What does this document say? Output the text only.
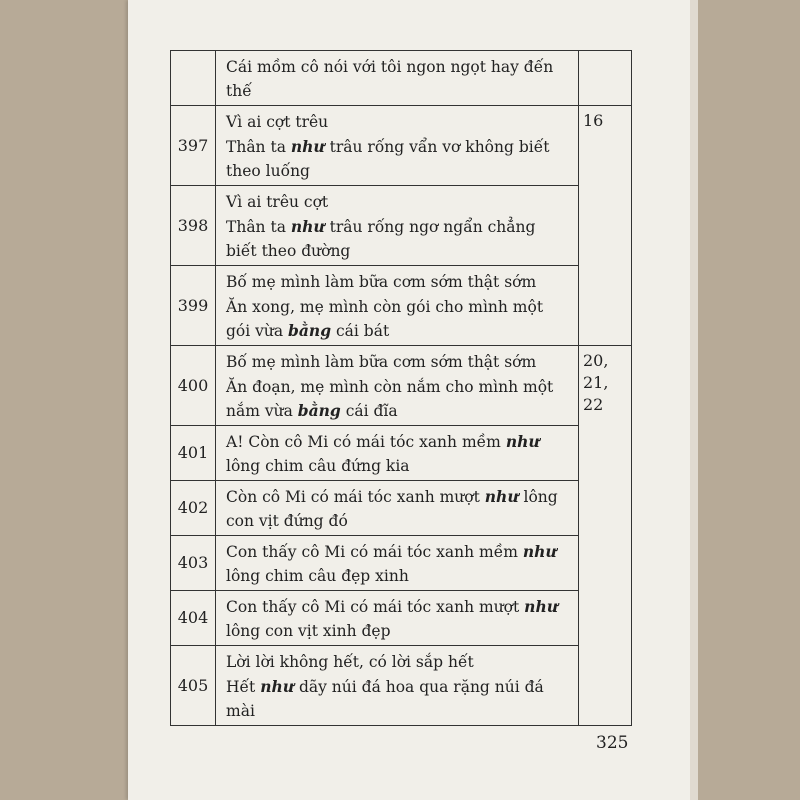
	Cái mồm cô nói với tôi ngon ngọt hay đến thế	

397	Vì ai cợt trêu
Thân ta như trâu rống vẩn vơ không biết theo luống	16
398	Vì ai trêu cợt
Thân ta như trâu rống ngơ ngẩn chẳng biết theo đường	

399	Bố mẹ mình làm bữa cơm sớm thật sớm
Ăn xong, mẹ mình còn gói cho mình một gói vừa bằng cái bát	

400	Bố mẹ mình làm bữa cơm sớm thật sớm
Ăn đoạn, mẹ mình còn nắm cho mình một nắm vừa bằng cái đĩa	20, 21, 22
401	A! Còn cô Mi có mái tóc xanh mềm như lông chim câu đứng kia	

402	Còn cô Mi có mái tóc xanh mượt như lông con vịt đứng đó	

403	Con thấy cô Mi có mái tóc xanh mềm như lông chim câu đẹp xinh	

404	Con thấy cô Mi có mái tóc xanh mượt như lông con vịt xinh đẹp	

405	Lời lời không hết, có lời sắp hết
Hết như dãy núi đá hoa qua rặng núi đá mài	
325
